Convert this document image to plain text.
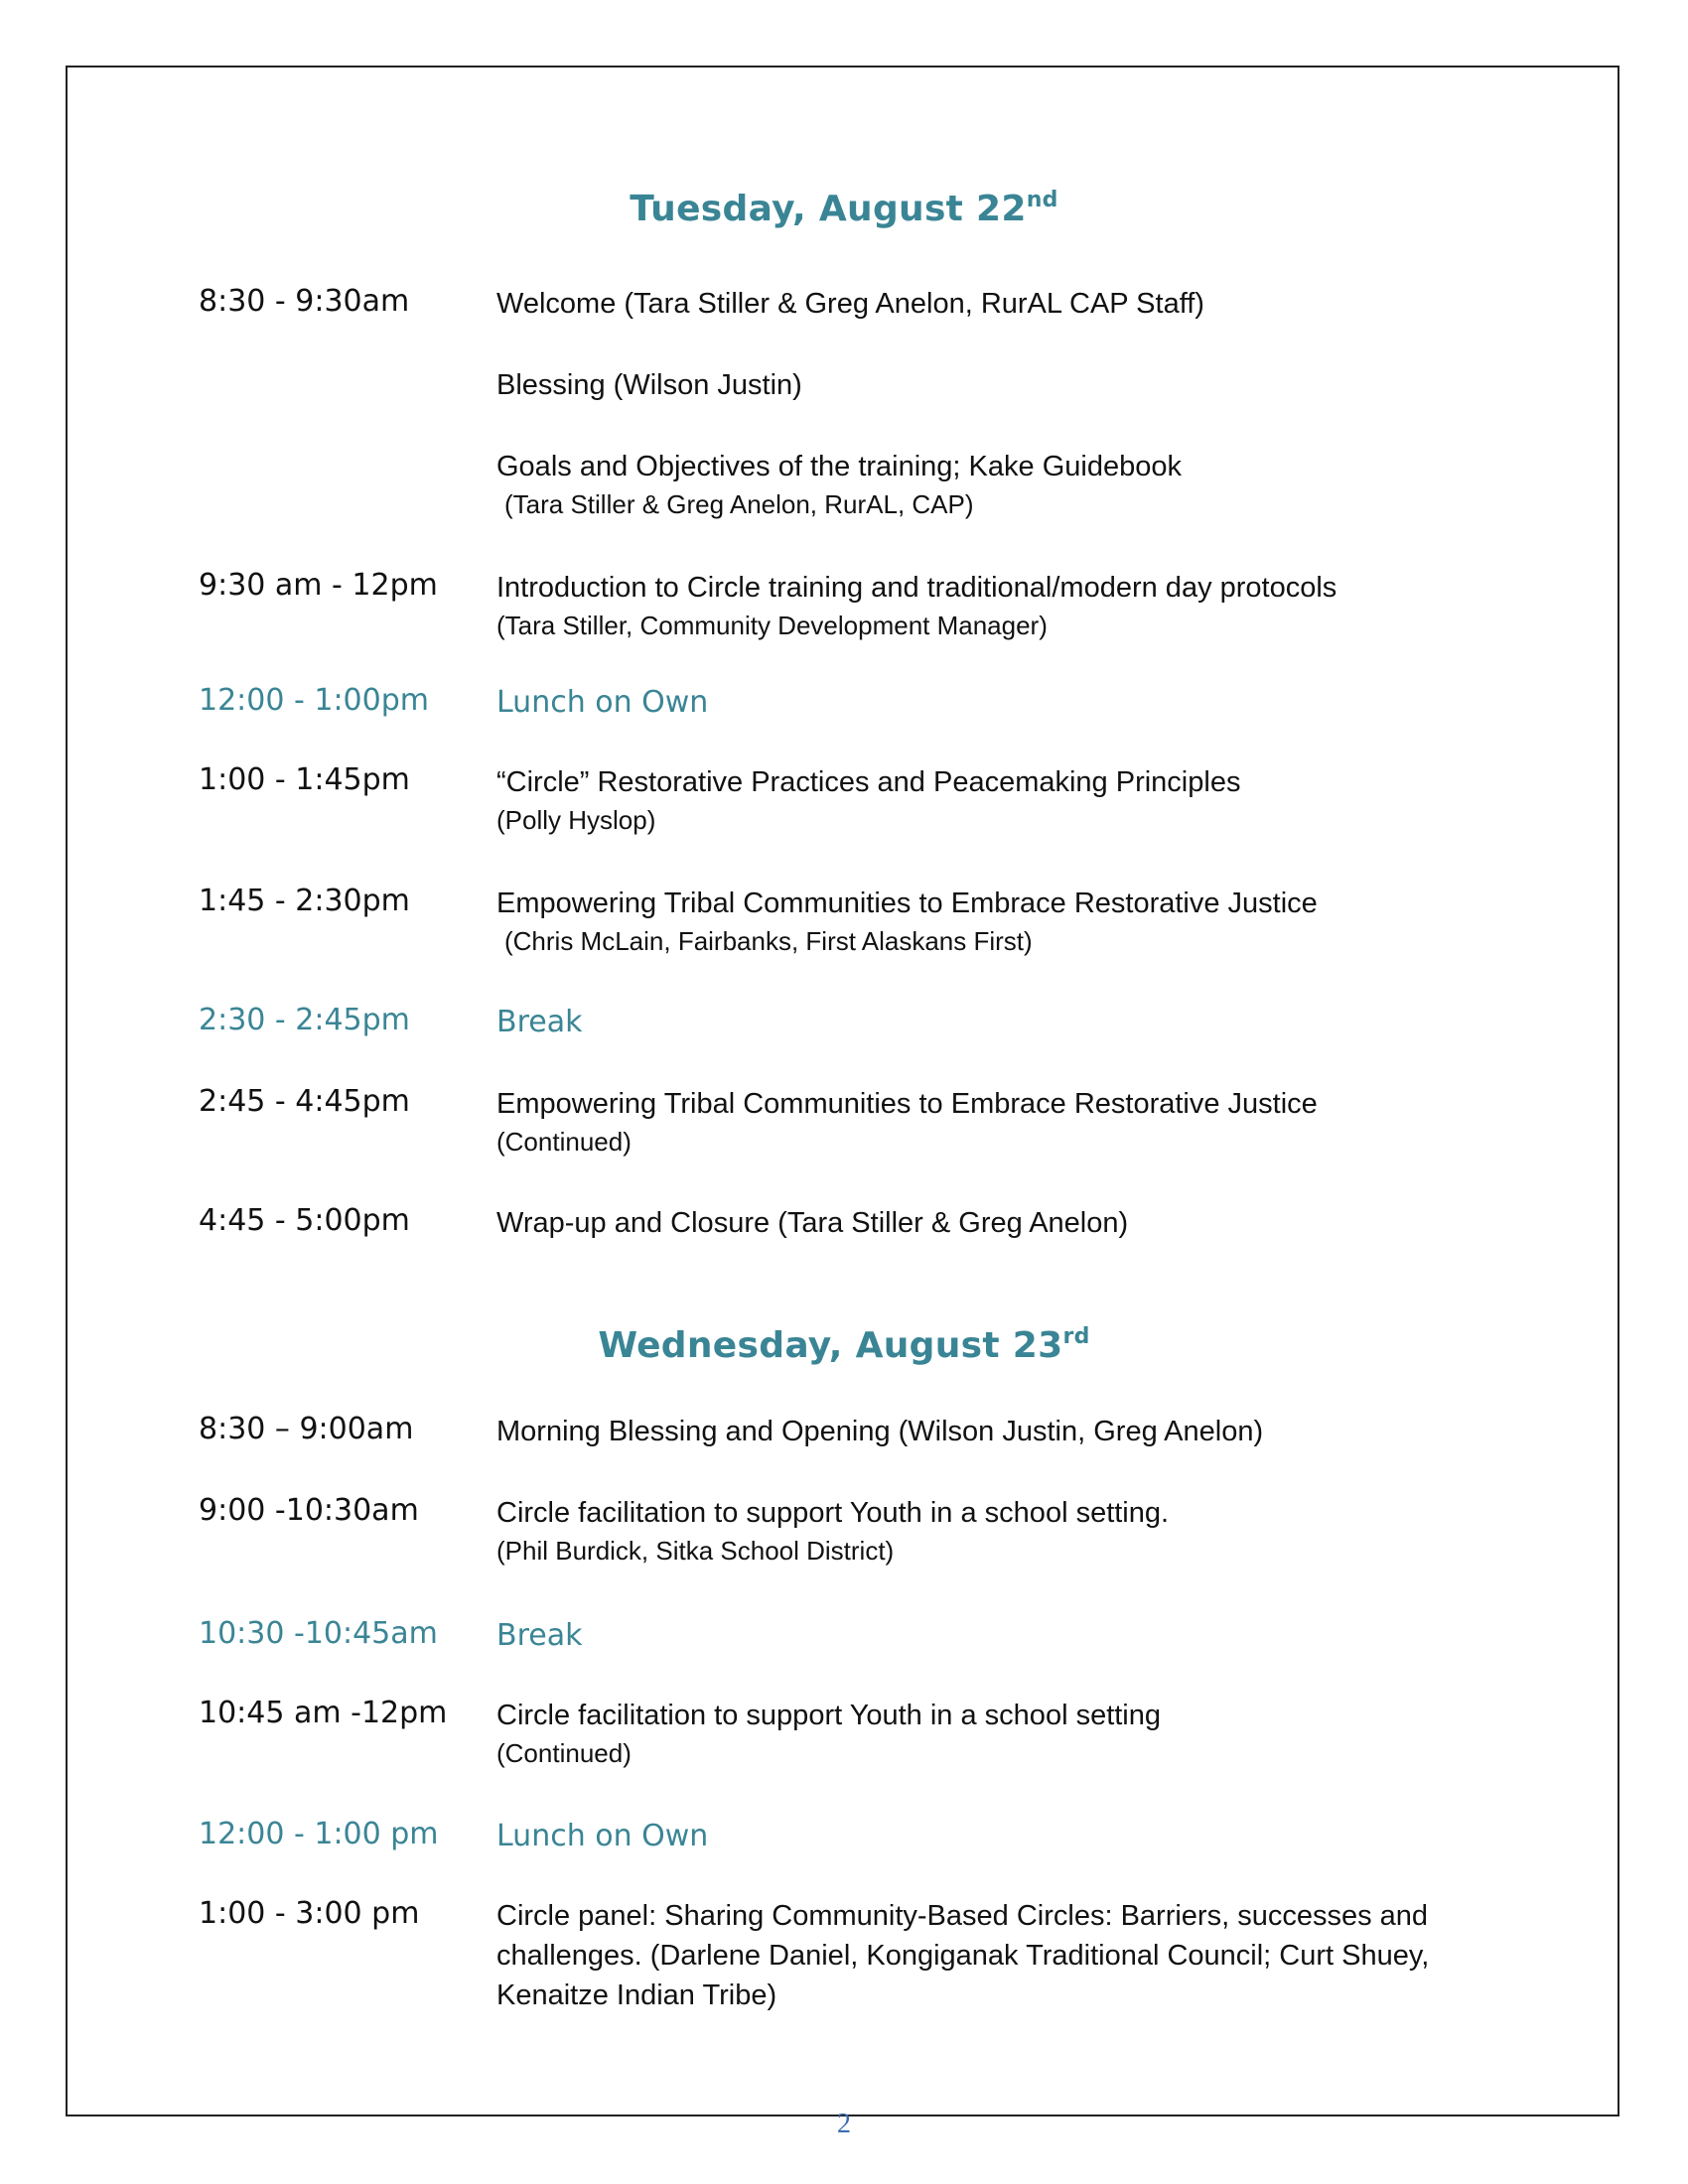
Tuesday, August 22nd
8:30 - 9:30am	Welcome (Tara Stiller & Greg Anelon, RurAL CAP Staff)
Blessing (Wilson Justin)
Goals and Objectives of the training; Kake Guidebook
(Tara Stiller & Greg Anelon, RurAL, CAP)
9:30 am - 12pm	Introduction to Circle training and traditional/modern day protocols
(Tara Stiller, Community Development Manager)
12:00 - 1:00pm	Lunch on Own
1:00 - 1:45pm	“Circle” Restorative Practices and Peacemaking Principles
(Polly Hyslop)
1:45 - 2:30pm	Empowering Tribal Communities to Embrace Restorative Justice
(Chris McLain, Fairbanks, First Alaskans First)
2:30 - 2:45pm	Break
2:45 - 4:45pm	Empowering Tribal Communities to Embrace Restorative Justice
(Continued)
4:45 - 5:00pm	Wrap-up and Closure (Tara Stiller & Greg Anelon)
Wednesday, August 23rd
8:30 – 9:00am	Morning Blessing and Opening (Wilson Justin, Greg Anelon)
9:00 -10:30am	Circle facilitation to support Youth in a school setting.
(Phil Burdick, Sitka School District)
10:30 -10:45am	Break
10:45 am -12pm	Circle facilitation to support Youth in a school setting
(Continued)
12:00 - 1:00 pm	Lunch on Own
1:00 - 3:00 pm	Circle panel: Sharing Community-Based Circles: Barriers, successes and
challenges. (Darlene Daniel, Kongiganak Traditional Council; Curt Shuey,
Kenaitze Indian Tribe)
2
